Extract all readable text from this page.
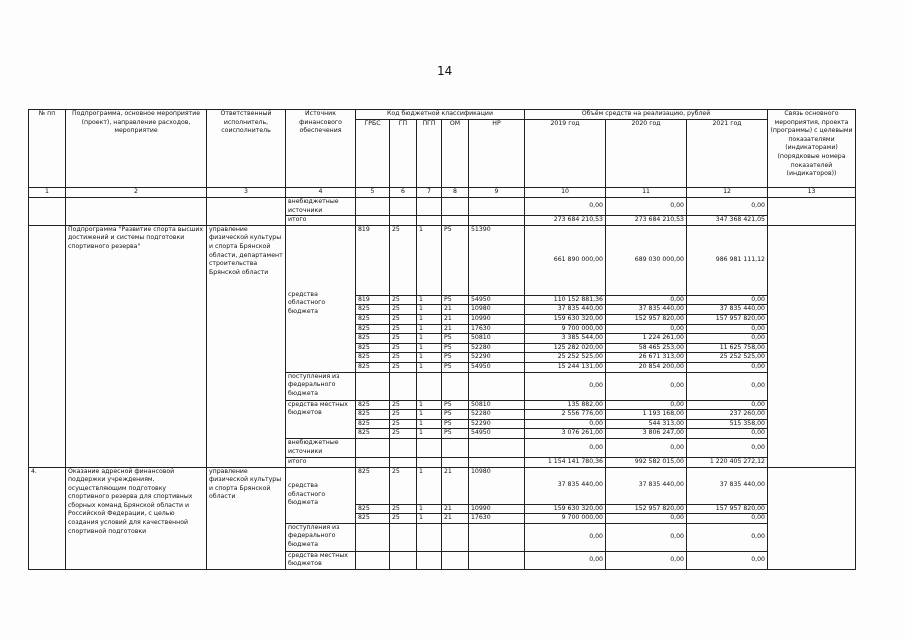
14
№ пп	Подпрограмма, основное мероприятие (проект), направление расходов, мероприятие	Ответственный исполнитель, соисполнитель	Источник финансового обеспечения	Код бюджетной классификации					Объём средств на реализацию, рублей			Связь основного мероприятия, проекта (программы) с целевыми показателями (индикаторами) (порядковые номера показателей (индикаторов))
				ГРБС	ГП	ПГП	ОМ	НР	2019 год	2020 год	2021 год	
1	2	3	4	5	6	7	8	9	10	11	12	13
			внебюджетные источники						0,00	0,00	0,00	
			итого						273 684 210,53	273 684 210,53	347 368 421,05	
	Подпрограмма "Развитие спорта высших достижений и системы подготовки спортивного резерва"	управление физической культуры и спорта Брянской области, департамент строительства Брянской области	средства областного бюджета	819	25	1	P5	51390	661 890 000,00	689 030 000,00	986 981 111,12	
				819	25	1	P5	54950	110 152 881,36	0,00	0,00	
				825	25	1	21	10980	37 835 440,00	37 835 440,00	37 835 440,00	
				825	25	1	21	10990	159 630 320,00	152 957 820,00	157 957 820,00	
				825	25	1	21	17630	9 700 000,00	0,00	0,00	
				825	25	1	P5	50810	3 385 544,00	1 224 261,00	0,00	
				825	25	1	P5	52280	125 282 020,00	58 465 253,00	11 625 758,00	
				825	25	1	P5	52290	25 252 525,00	26 671 313,00	25 252 525,00	
				825	25	1	P5	54950	15 244 131,00	20 854 200,00	0,00	
			поступления из федерального бюджета						0,00	0,00	0,00	
			средства местных бюджетов	825	25	1	P5	50810	135 882,00	0,00	0,00	
				825	25	1	P5	52280	2 556 776,00	1 193 168,00	237 260,00	
				825	25	1	P5	52290	0,00	544 313,00	515 358,00	
				825	25	1	P5	54950	3 076 261,00	3 806 247,00	0,00	
			внебюджетные источники						0,00	0,00	0,00	
			итого						1 154 141 780,36	992 582 015,00	1 220 405 272,12	
4.	Оказание адресной финансовой поддержки учреждениям, осуществляющим подготовку спортивного резерва для спортивных сборных команд Брянской области и Российской Федерации, с целью создания условий для качественной спортивной подготовки	управление физической культуры и спорта Брянской области	средства областного бюджета	825	25	1	21	10980	37 835 440,00	37 835 440,00	37 835 440,00	
				825	25	1	21	10990	159 630 320,00	152 957 820,00	157 957 820,00	
				825	25	1	21	17630	9 700 000,00	0,00	0,00	
			поступления из федерального бюджета						0,00	0,00	0,00	
			средства местных бюджетов						0,00	0,00	0,00	
